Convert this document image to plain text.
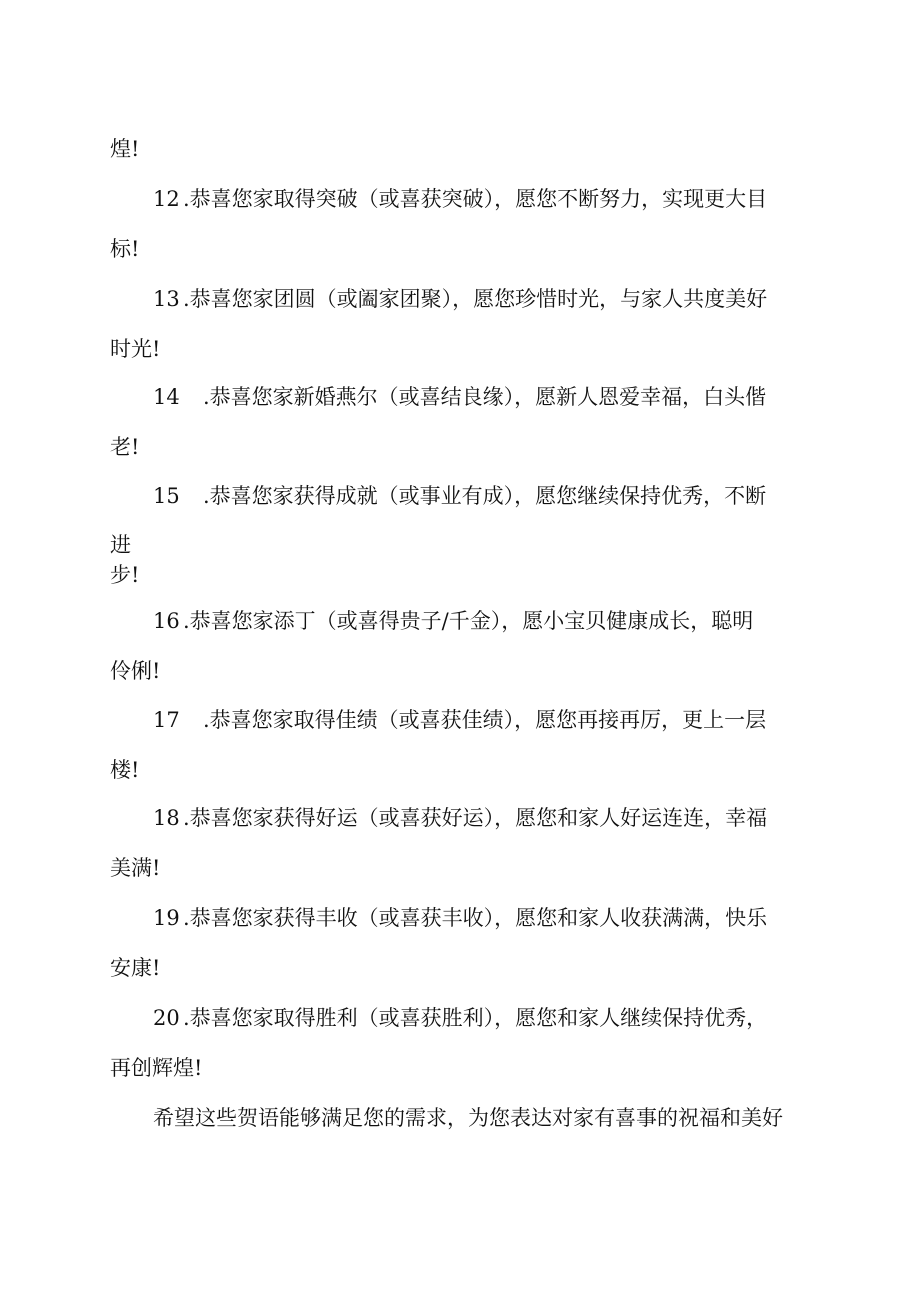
煌!
12 .恭喜您家取得突破（或喜获突破），愿您不断努力，实现更大目
标!
13 .恭喜您家团圆（或阖家团聚），愿您珍惜时光，与家人共度美好
时光!
14 .恭喜您家新婚燕尔（或喜结良缘），愿新人恩爱幸福，白头偕
老!
15 .恭喜您家获得成就（或事业有成），愿您继续保持优秀，不断
进
步!
16 .恭喜您家添丁（或喜得贵子/千金），愿小宝贝健康成长，聪明
伶俐!
17 .恭喜您家取得佳绩（或喜获佳绩），愿您再接再厉，更上一层
楼!
18 .恭喜您家获得好运（或喜获好运），愿您和家人好运连连，幸福
美满!
19 .恭喜您家获得丰收（或喜获丰收），愿您和家人收获满满，快乐
安康!
20 .恭喜您家取得胜利（或喜获胜利），愿您和家人继续保持优秀，
再创辉煌!
希望这些贺语能够满足您的需求，为您表达对家有喜事的祝福和美好
